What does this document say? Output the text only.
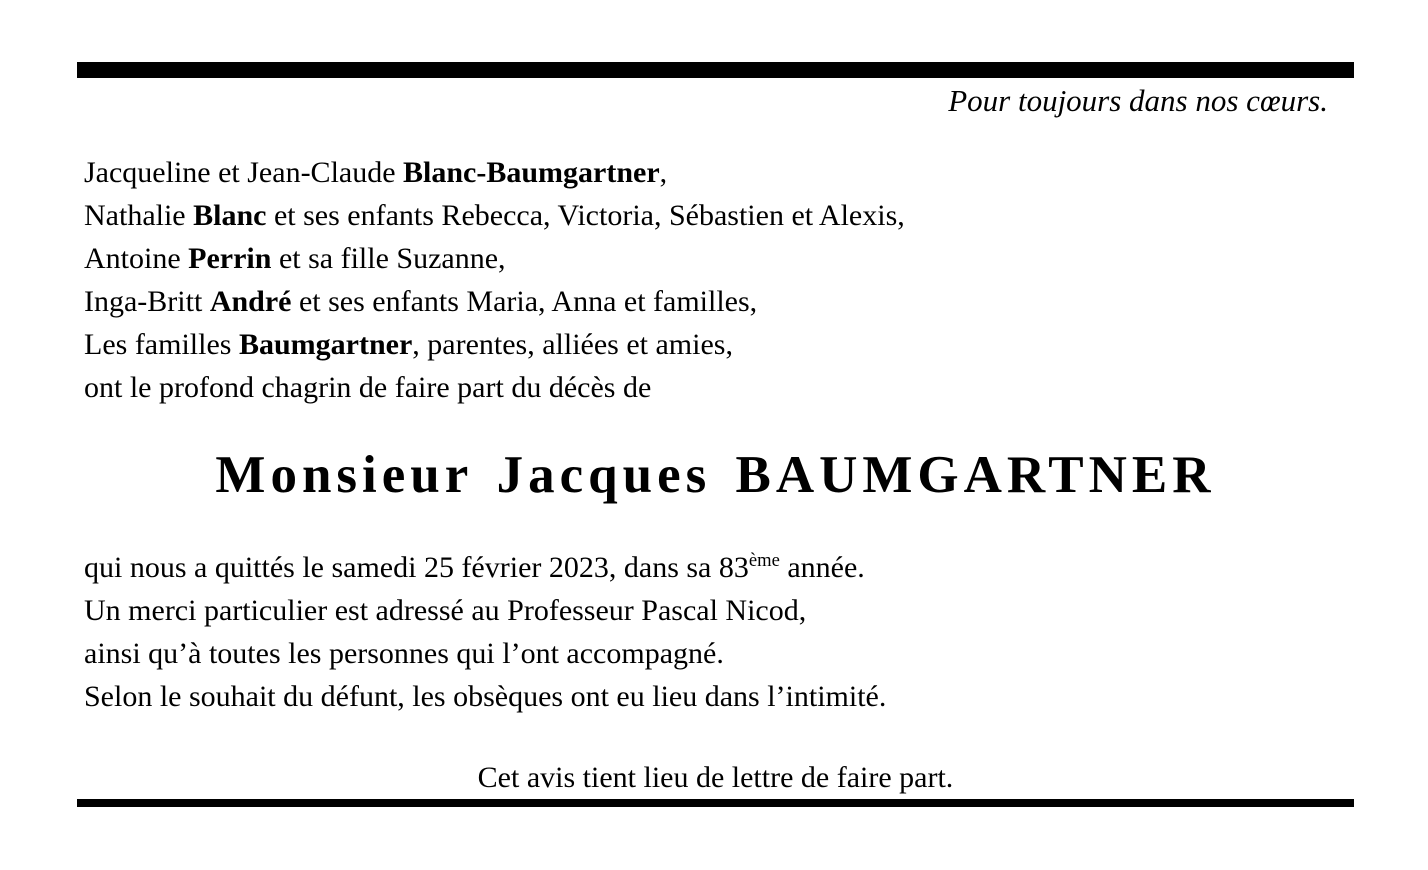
Pour toujours dans nos cœurs.
Jacqueline et Jean-Claude Blanc-Baumgartner,
Nathalie Blanc et ses enfants Rebecca, Victoria, Sébastien et Alexis,
Antoine Perrin et sa fille Suzanne,
Inga-Britt André et ses enfants Maria, Anna et familles,
Les familles Baumgartner, parentes, alliées et amies,
ont le profond chagrin de faire part du décès de
Monsieur Jacques BAUMGARTNER
qui nous a quittés le samedi 25 février 2023, dans sa 83ème année.
Un merci particulier est adressé au Professeur Pascal Nicod,
ainsi qu’à toutes les personnes qui l’ont accompagné.
Selon le souhait du défunt, les obsèques ont eu lieu dans l’intimité.
Cet avis tient lieu de lettre de faire part.
